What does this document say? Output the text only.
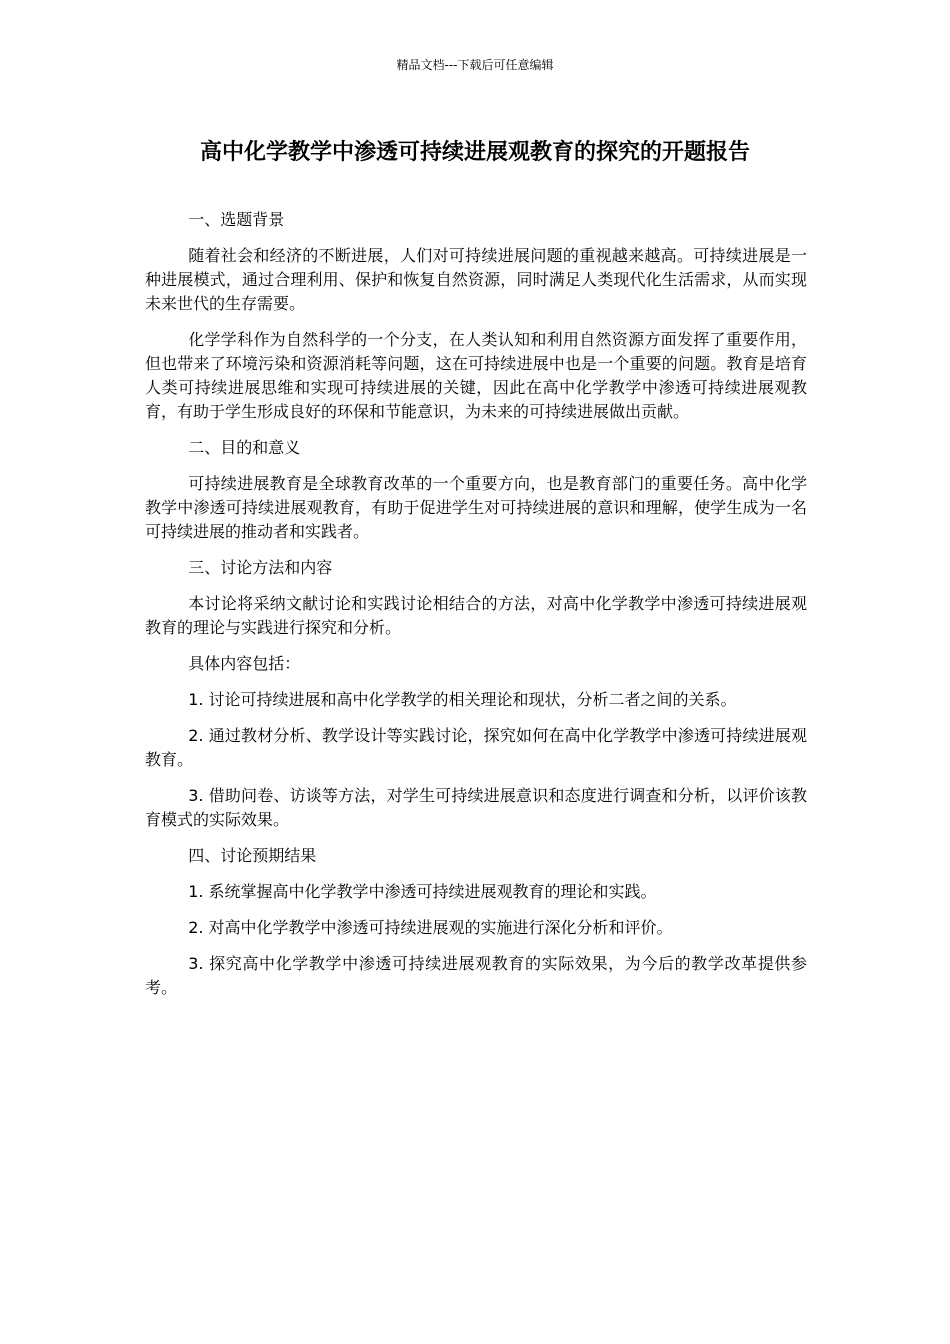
精品文档---下载后可任意编辑
高中化学教学中渗透可持续进展观教育的探究的开题报告

一、选题背景

随着社会和经济的不断进展，人们对可持续进展问题的重视越来越高。可持续进展是一种进展模式，通过合理利用、保护和恢复自然资源，同时满足人类现代化生活需求，从而实现未来世代的生存需要。

化学学科作为自然科学的一个分支，在人类认知和利用自然资源方面发挥了重要作用，但也带来了环境污染和资源消耗等问题，这在可持续进展中也是一个重要的问题。教育是培育人类可持续进展思维和实现可持续进展的关键，因此在高中化学教学中渗透可持续进展观教育，有助于学生形成良好的环保和节能意识，为未来的可持续进展做出贡献。

二、目的和意义

可持续进展教育是全球教育改革的一个重要方向，也是教育部门的重要任务。高中化学教学中渗透可持续进展观教育，有助于促进学生对可持续进展的意识和理解，使学生成为一名可持续进展的推动者和实践者。

三、讨论方法和内容

本讨论将采纳文献讨论和实践讨论相结合的方法，对高中化学教学中渗透可持续进展观教育的理论与实践进行探究和分析。

具体内容包括：

1. 讨论可持续进展和高中化学教学的相关理论和现状，分析二者之间的关系。

2. 通过教材分析、教学设计等实践讨论，探究如何在高中化学教学中渗透可持续进展观教育。

3. 借助问卷、访谈等方法，对学生可持续进展意识和态度进行调查和分析，以评价该教育模式的实际效果。

四、讨论预期结果

1. 系统掌握高中化学教学中渗透可持续进展观教育的理论和实践。

2. 对高中化学教学中渗透可持续进展观的实施进行深化分析和评价。

3. 探究高中化学教学中渗透可持续进展观教育的实际效果，为今后的教学改革提供参考。
